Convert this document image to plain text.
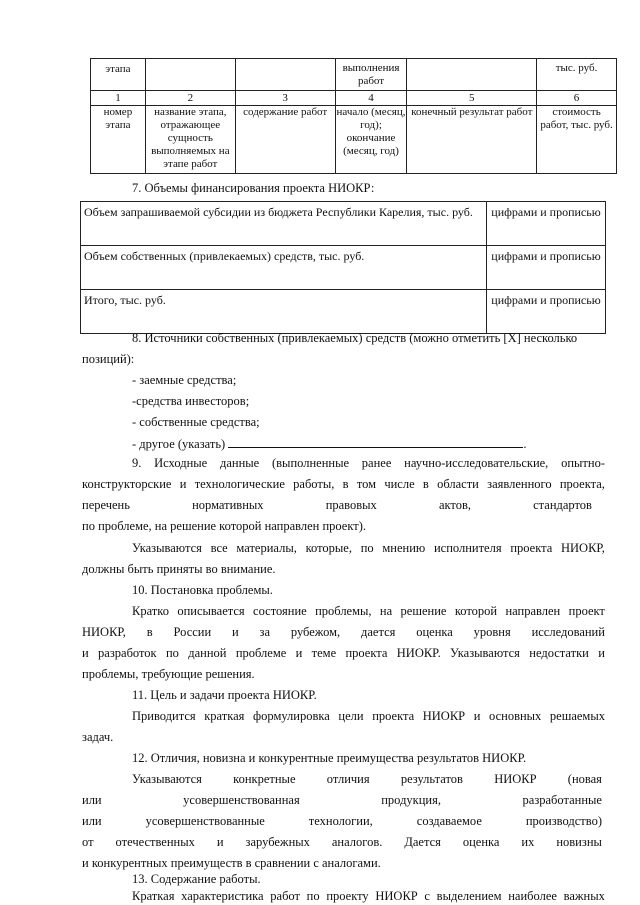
этапа			выполнения работ		тыс. руб.
1	2	3	4	5	6
номер этапа	название этапа, отражающее сущность выполняемых на этапе работ	содержание работ	начало (месяц, год); окончание (месяц, год)	конечный результат работ	стоимость работ, тыс. руб.
7. Объемы финансирования проекта НИОКР:
Объем запрашиваемой субсидии из бюджета Республики Карелия, тыс. руб.	цифрами и прописью
Объем собственных (привлекаемых) средств, тыс. руб.	цифрами и прописью
Итого, тыс. руб.	цифрами и прописью
8. Источники собственных (привлекаемых) средств (можно отметить [X] несколько
позиций):
- заемные средства;
-средства инвесторов;
- собственные средства;
- другое (указать)	.
9. Исходные данные (выполненные ранее научно-исследовательские, опытно-
конструкторские и технологические работы, в том числе в области заявленного проекта,
перечень	нормативных	правовых	актов,	стандартов
по проблеме, на решение которой направлен проект).
Указываются все материалы, которые, по мнению исполнителя проекта НИОКР,
должны быть приняты во внимание.
10. Постановка проблемы.
Кратко описывается состояние проблемы, на решение которой направлен проект
НИОКР, в России и за рубежом, дается оценка уровня исследований
и разработок по данной проблеме и теме проекта НИОКР. Указываются недостатки и
проблемы, требующие решения.
11. Цель и задачи проекта НИОКР.
Приводится краткая формулировка цели проекта НИОКР и основных решаемых
задач.
12. Отличия, новизна и конкурентные преимущества результатов НИОКР.
Указываются конкретные отличия результатов НИОКР (новая
или	усовершенствованная	продукция,	разработанные
или	усовершенствованные	технологии,	создаваемое	производство)
от отечественных и зарубежных аналогов. Дается оценка их новизны
и конкурентных преимуществ в сравнении с аналогами.
13. Содержание работы.
Краткая характеристика работ по проекту НИОКР с выделением наиболее важных
